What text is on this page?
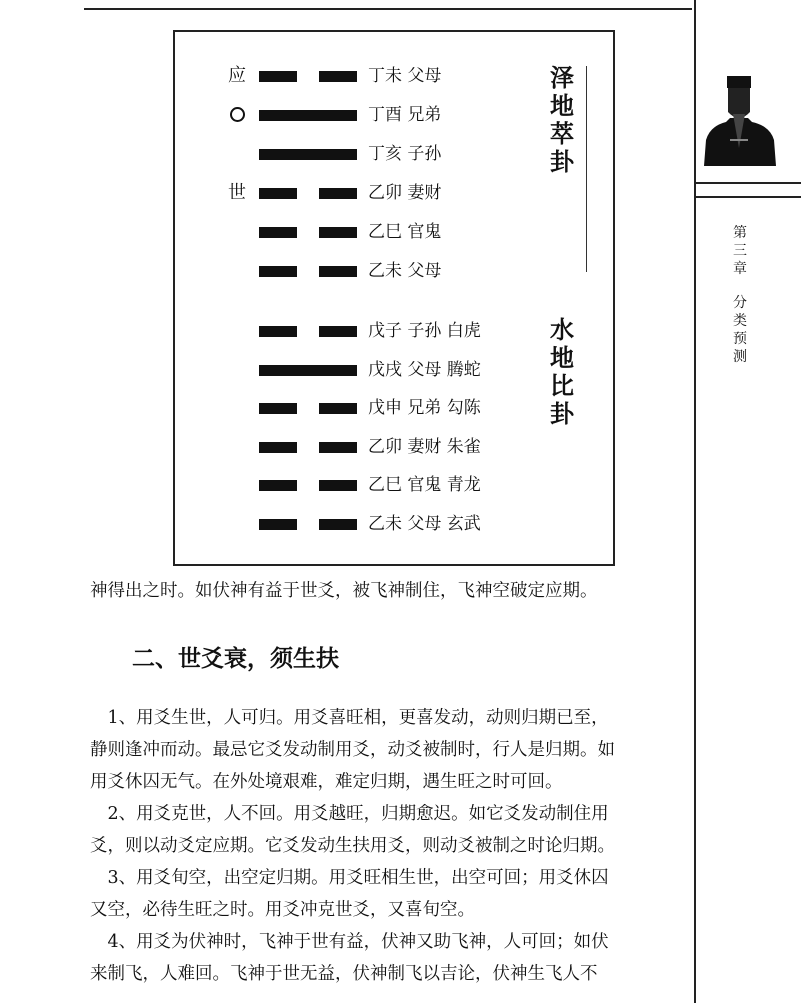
第
三
章
分
类
预
测
泽
地
萃
卦
水
地
比
卦
丁未 父母
应
丁酉 兄弟
丁亥 子孙
乙卯 妻财
世
乙巳 官鬼
乙未 父母
戊子 子孙 白虎
戊戌 父母 腾蛇
戊申 兄弟 勾陈
乙卯 妻财 朱雀
乙巳 官鬼 青龙
乙未 父母 玄武
神得出之时。如伏神有益于世爻，被飞神制住，飞神空破定应期。
二、世爻衰，须生扶
　1、用爻生世，人可归。用爻喜旺相，更喜发动，动则归期已至，
静则逢冲而动。最忌它爻发动制用爻，动爻被制时，行人是归期。如
用爻休囚无气。在外处境艰难，难定归期，遇生旺之时可回。
　2、用爻克世，人不回。用爻越旺，归期愈迟。如它爻发动制住用
爻，则以动爻定应期。它爻发动生扶用爻，则动爻被制之时论归期。
　3、用爻旬空，出空定归期。用爻旺相生世，出空可回；用爻休囚
又空，必待生旺之时。用爻冲克世爻，又喜旬空。
　4、用爻为伏神时，飞神于世有益，伏神又助飞神，人可回；如伏
来制飞，人难回。飞神于世无益，伏神制飞以吉论，伏神生飞人不
